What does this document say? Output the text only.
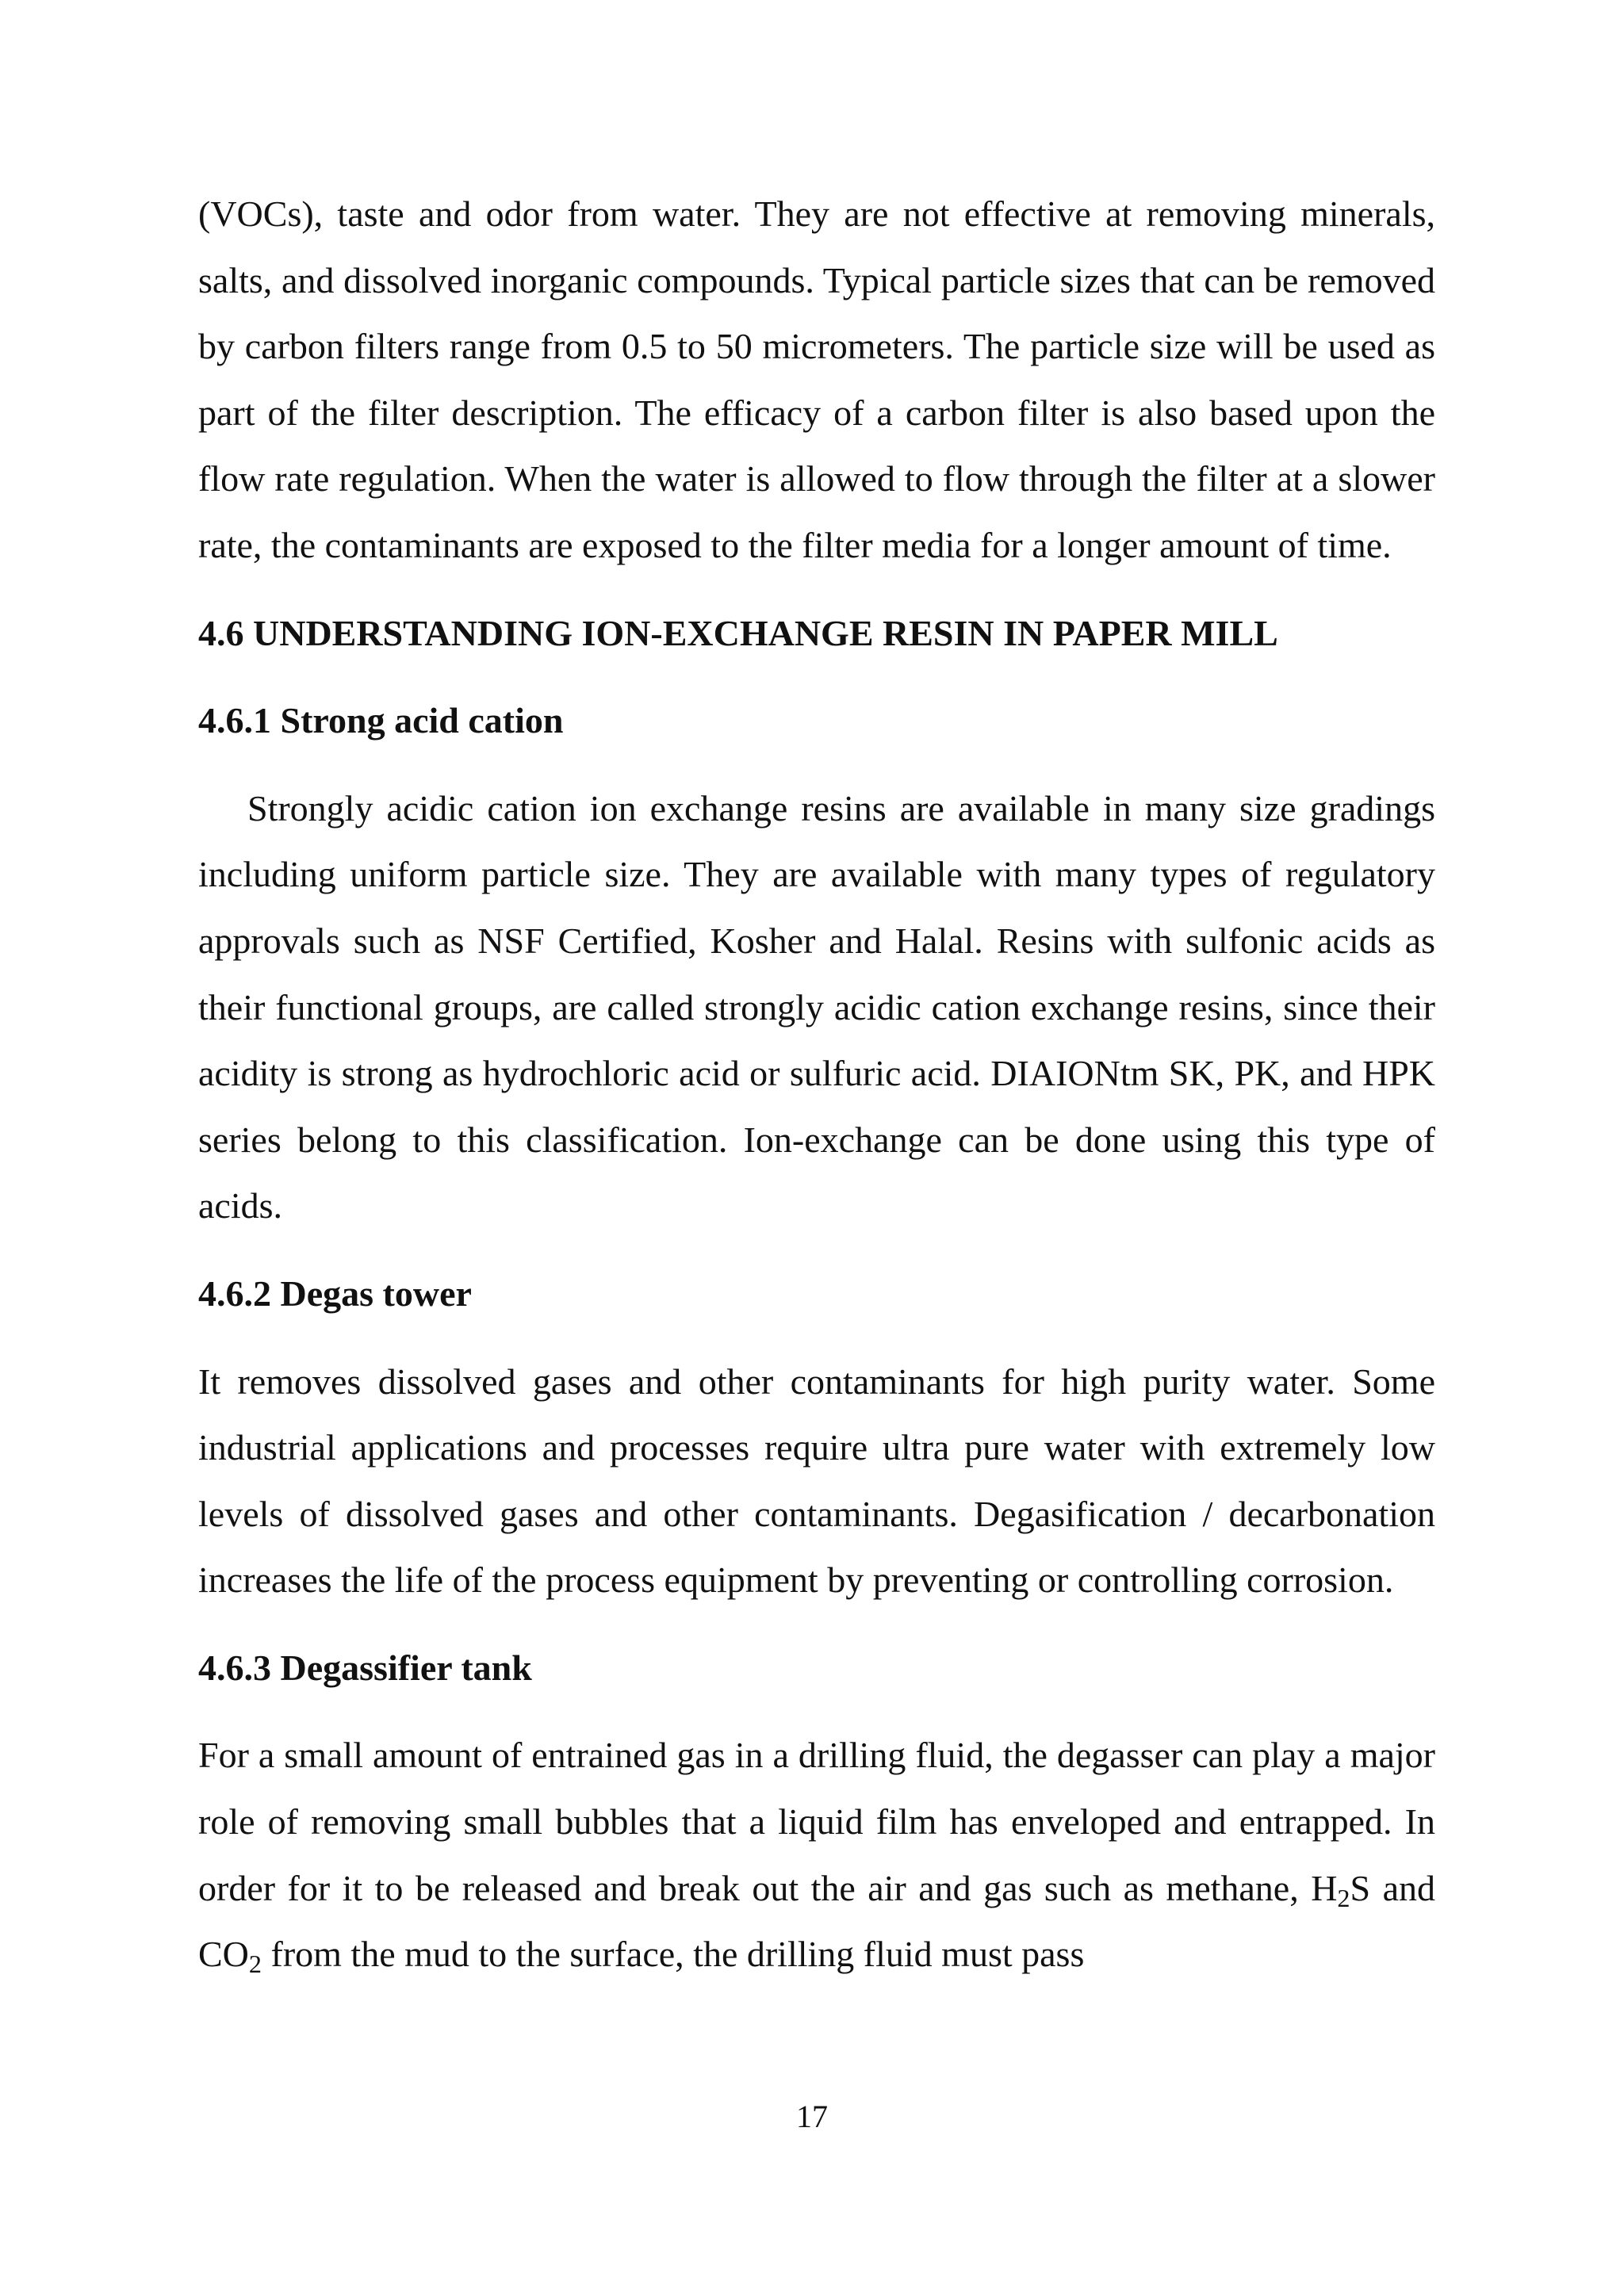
(VOCs), taste and odor from water. They are not effective at removing minerals, salts, and dissolved inorganic compounds. Typical particle sizes that can be removed by carbon filters range from 0.5 to 50 micrometers. The particle size will be used as part of the filter description. The efficacy of a carbon filter is also based upon the flow rate regulation. When the water is allowed to flow through the filter at a slower rate, the contaminants are exposed to the filter media for a longer amount of time.

4.6 UNDERSTANDING ION-EXCHANGE RESIN IN PAPER MILL
4.6.1 Strong acid cation

Strongly acidic cation ion exchange resins are available in many size gradings including uniform particle size. They are available with many types of regulatory approvals such as NSF Certified, Kosher and Halal. Resins with sulfonic acids as their functional groups, are called strongly acidic cation exchange resins, since their acidity is strong as hydrochloric acid or sulfuric acid. DIAIONtm SK, PK, and HPK series belong to this classification. Ion-exchange can be done using this type of acids.

4.6.2 Degas tower

It removes dissolved gases and other contaminants for high purity water. Some industrial applications and processes require ultra pure water with extremely low levels of dissolved gases and other contaminants. Degasification / decarbonation increases the life of the process equipment by preventing or controlling corrosion.

4.6.3 Degassifier tank

For a small amount of entrained gas in a drilling fluid, the degasser can play a major role of removing small bubbles that a liquid film has enveloped and entrapped. In order for it to be released and break out the air and gas such as methane, $H_2S$ and $CO_2$ from the mud to the surface, the drilling fluid must pass

17
